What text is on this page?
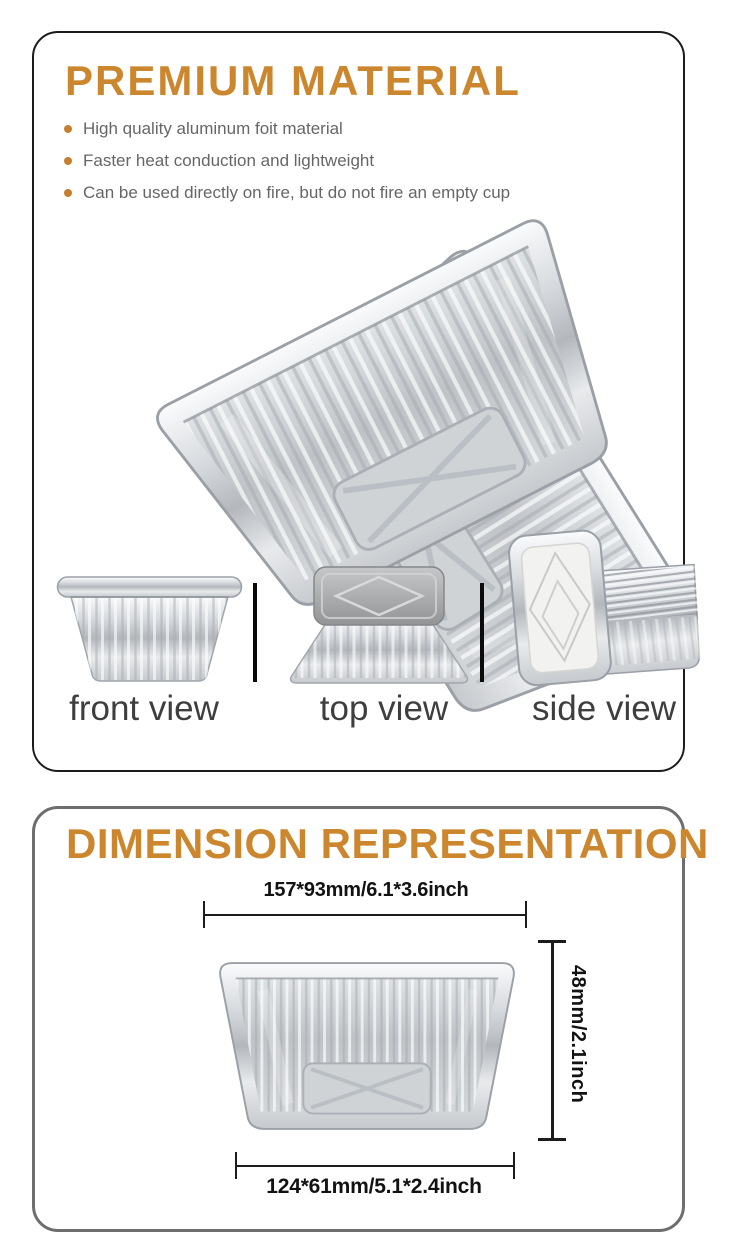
PREMIUM MATERIAL
High quality aluminum foit material
Faster heat conduction and lightweight
Can be used directly on fire, but do not fire an empty cup
front view	top view side view
DIMENSION REPRESENTATION
157*93mm/6.1*3.6inch
48mm/2.1inch
124*61mm/5.1*2.4inch
